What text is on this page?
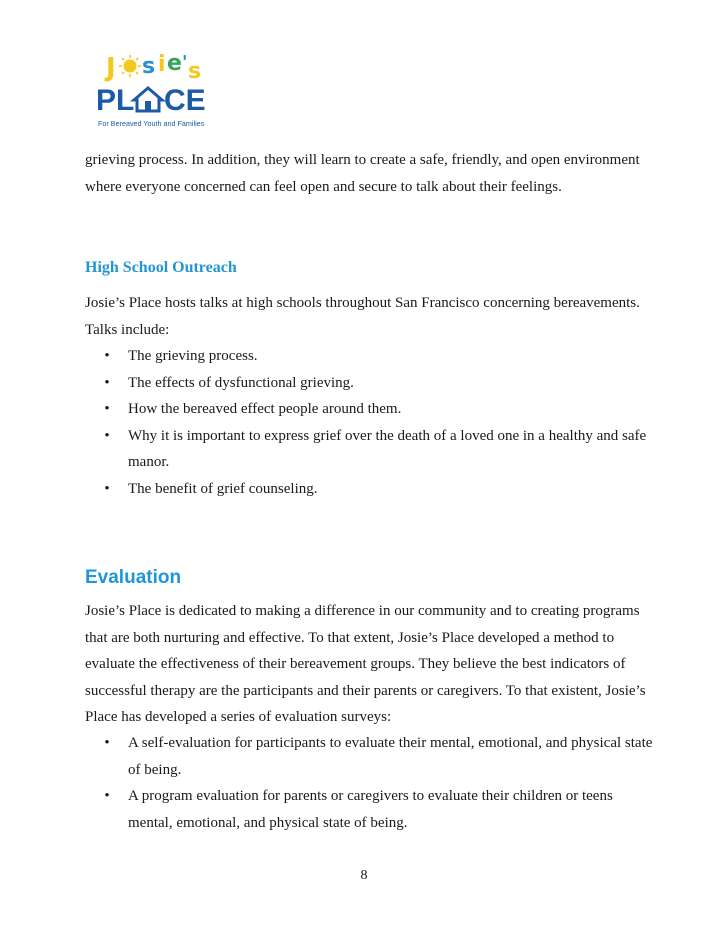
J s i e ' s
PL CE
For Bereaved Youth and Families

grieving process. In addition, they will learn to create a safe, friendly, and open environment where everyone concerned can feel open and secure to talk about their feelings.

High School Outreach

Josie’s Place hosts talks at high schools throughout San Francisco concerning bereavements. Talks include:

• The grieving process.
• The effects of dysfunctional grieving.
• How the bereaved effect people around them.
• Why it is important to express grief over the death of a loved one in a healthy and safe manor.
• The benefit of grief counseling.
Evaluation

Josie’s Place is dedicated to making a difference in our community and to creating programs that are both nurturing and effective. To that extent, Josie’s Place developed a method to evaluate the effectiveness of their bereavement groups. They believe the best indicators of successful therapy are the participants and their parents or caregivers. To that existent, Josie’s Place has developed a series of evaluation surveys:

• A self-evaluation for participants to evaluate their mental, emotional, and physical state of being.
• A program evaluation for parents or caregivers to evaluate their children or teens mental, emotional, and physical state of being.
8
